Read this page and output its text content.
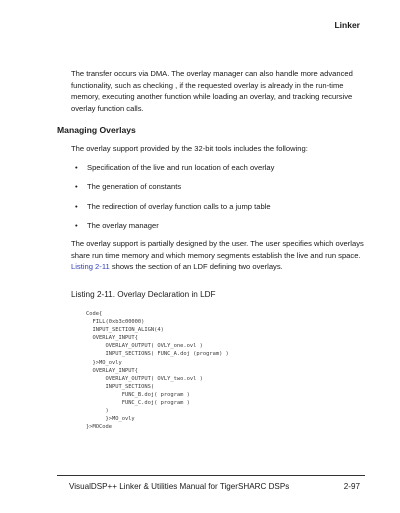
Linker

The transfer occurs via DMA. The overlay manager can also handle more advanced functionality, such as checking , if the requested overlay is already in the run-time memory, executing another function while loading an overlay, and tracking recursive overlay function calls.

Managing Overlays

The overlay support provided by the 32-bit tools includes the following:

• Specification of the live and run location of each overlay
• The generation of constants
• The redirection of overlay function calls to a jump table
• The overlay manager

The overlay support is partially designed by the user. The user specifies which overlays share run time memory and which memory segments establish the live and run space. Listing 2-11 shows the section of an LDF defining two overlays.

Listing 2-11. Overlay Declaration in LDF
Code{
FILL(0xb3c00000)
INPUT_SECTION_ALIGN(4)
OVERLAY_INPUT{
OVERLAY_OUTPUT( OVLY_one.ovl )
INPUT_SECTIONS( FUNC_A.doj (program) )
}>MO_ovly
OVERLAY_INPUT{
OVERLAY_OUTPUT( OVLY_two.ovl )
INPUT_SECTIONS(
FUNC_B.doj( program )
FUNC_C.doj( program )
)
}>MO_ovly
}>MOCode
VisualDSP++ Linker & Utilities Manual for TigerSHARC DSPs	2-97
